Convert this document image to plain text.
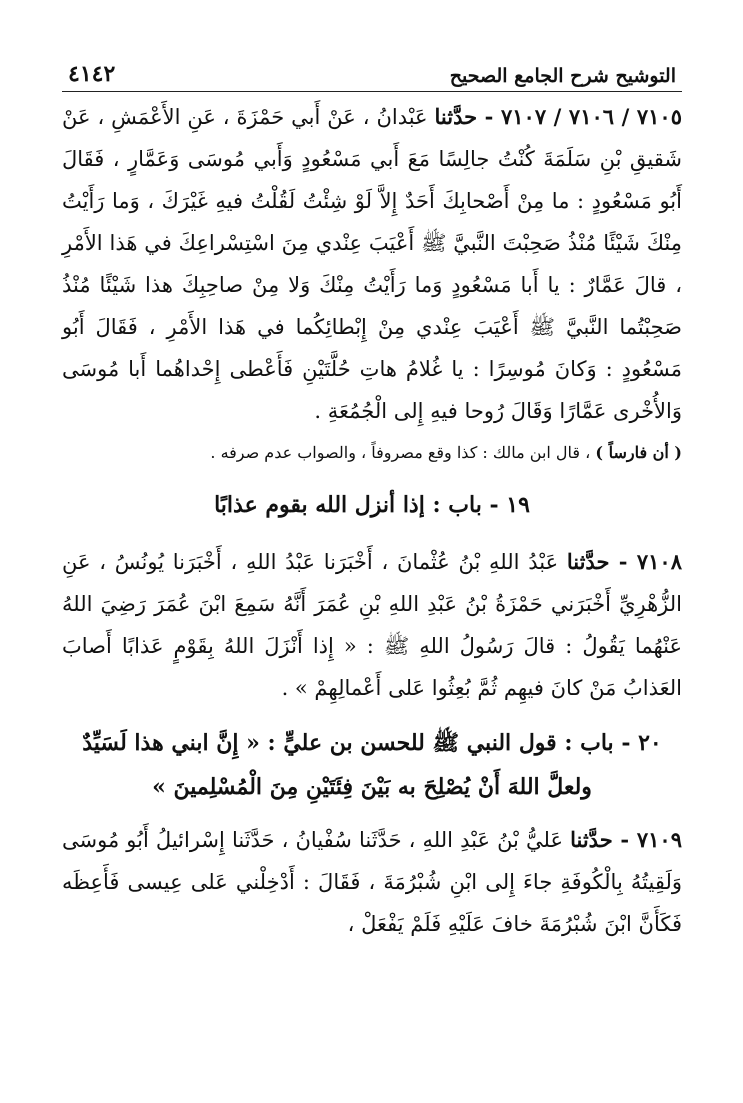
التوشيح شرح الجامع الصحيح
٤١٤٢

٧١٠٥ / ٧١٠٦ / ٧١٠٧ - حدَّثنا عَبْدانُ ، عَنْ أَبي حَمْزَةَ ، عَنِ الأَعْمَشِ ، عَنْ شَقيقِ بْنِ سَلَمَةَ كُنْتُ جالِسًا مَعَ أَبي مَسْعُودٍ وَأَبي مُوسَى وَعَمَّارٍ ، فَقَالَ أَبُو مَسْعُودٍ : ما مِنْ أَصْحابِكَ أَحَدٌ إِلاَّ لَوْ شِئْتُ لَقُلْتُ فيهِ غَيْرَكَ ، وَما رَأَيْتُ مِنْكَ شَيْئًا مُنْذُ صَحِبْتَ النَّبيَّ ﷺ أَعْيَبَ عِنْدي مِنَ اسْتِسْراعِكَ في هَذا الأَمْرِ ، قالَ عَمَّارٌ : يا أَبا مَسْعُودٍ وَما رَأَيْتُ مِنْكَ وَلا مِنْ صاحِبِكَ هذا شَيْئًا مُنْذُ صَحِبْتُما النَّبيَّ ﷺ أَعْيَبَ عِنْدي مِنْ إِبْطائِكُما في هَذا الأَمْرِ ، فَقَالَ أَبُو مَسْعُودٍ : وَكانَ مُوسِرًا : يا غُلامُ هاتِ حُلَّتَيْنِ فَأَعْطى إِحْداهُما أَبا مُوسَى وَالأُخْرى عَمَّارًا وَقَالَ رُوحا فيهِ إِلى الْجُمُعَةِ .

( أن فارساً ) ، قال ابن مالك : كذا وقع مصروفاً ، والصواب عدم صرفه .

١٩ - باب : إذا أنزل الله بقوم عذابًا

٧١٠٨ - حدَّثنا عَبْدُ اللهِ بْنُ عُثْمانَ ، أَخْبَرَنا عَبْدُ اللهِ ، أَخْبَرَنا يُونُسُ ، عَنِ الزُّهْرِيِّ أَخْبَرَني حَمْزَةُ بْنُ عَبْدِ اللهِ بْنِ عُمَرَ أَنَّهُ سَمِعَ ابْنَ عُمَرَ رَضِيَ اللهُ عَنْهُما يَقُولُ : قالَ رَسُولُ اللهِ ﷺ : « إِذا أَنْزَلَ اللهُ بِقَوْمٍ عَذابًا أَصابَ العَذابُ مَنْ كانَ فيهِم ثُمَّ بُعِثُوا عَلى أَعْمالِهِمْ » .

٢٠ - باب : قول النبي ﷺ للحسن بن عليٍّ : « إِنَّ ابني هذا لَسَيِّدٌ
ولعلَّ اللهَ أَنْ يُصْلِحَ به بَيْنَ فِئَتَيْنِ مِنَ الْمُسْلِمينَ »

٧١٠٩ - حدَّثنا عَليُّ بْنُ عَبْدِ اللهِ ، حَدَّثَنا سُفْيانُ ، حَدَّثَنا إِسْرائيلُ أَبُو مُوسَى وَلَقِيتُهُ بِالْكُوفَةِ جاءَ إِلى ابْنِ شُبْرُمَةَ ، فَقَالَ : أَدْخِلْني عَلى عِيسى فَأَعِظَه فَكَأَنَّ ابْنَ شُبْرُمَةَ خافَ عَلَيْهِ فَلَمْ يَفْعَلْ ،
